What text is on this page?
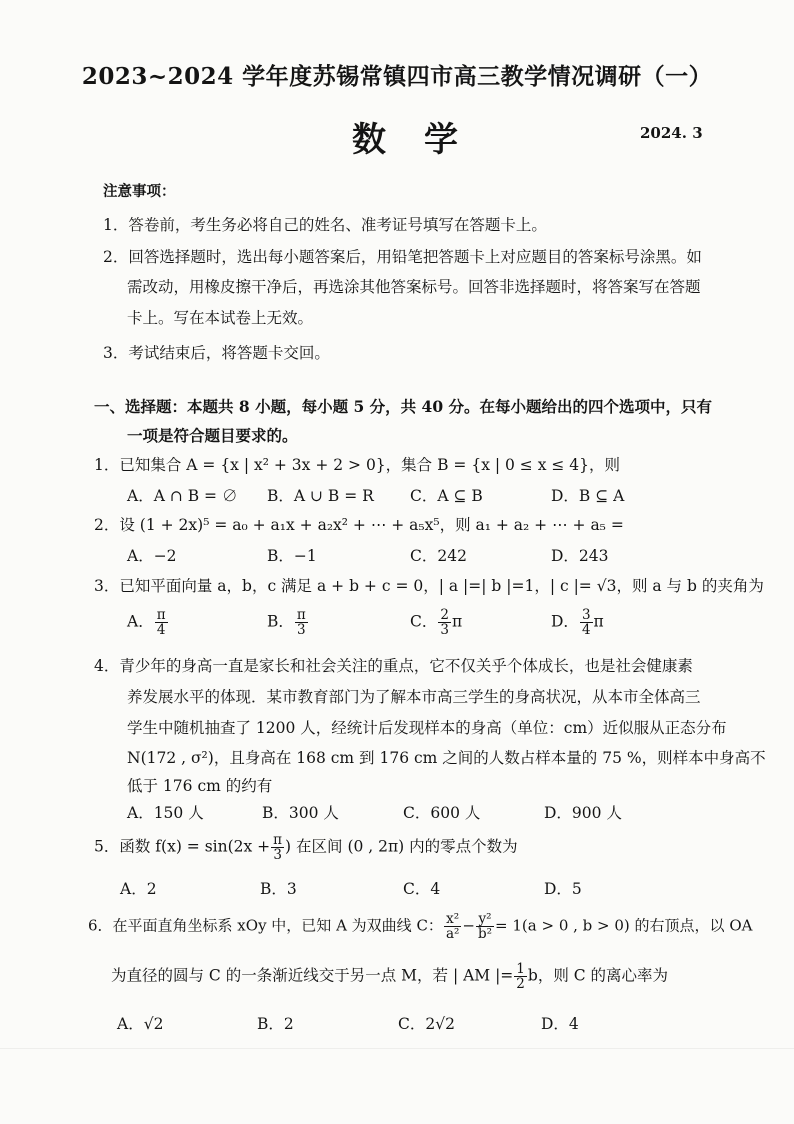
2023~2024 学年度苏锡常镇四市高三教学情况调研（一）
数学	2024. 3
注意事项：
1．答卷前，考生务必将自己的姓名、准考证号填写在答题卡上。
2．回答选择题时，选出每小题答案后，用铅笔把答题卡上对应题目的答案标号涂黑。如
需改动，用橡皮擦干净后，再选涂其他答案标号。回答非选择题时，将答案写在答题
卡上。写在本试卷上无效。
3．考试结束后，将答题卡交回。
一、选择题：本题共 8 小题，每小题 5 分，共 40 分。在每小题给出的四个选项中，只有
一项是符合题目要求的。
1．已知集合 A = {x | x² + 3x + 2 > 0}，集合 B = {x | 0 ≤ x ≤ 4}，则
A．A ∩ B = ∅ B．A ∪ B = R C．A ⊆ B	D．B ⊆ A
2．设 (1 + 2x)⁵ = a₀ + a₁x + a₂x² + ⋯ + a₅x⁵，则 a₁ + a₂ + ⋯ + a₅ =
A．−2	B．−1	C．242	D．243
3．已知平面向量 a，b，c 满足 a + b + c = 0，| a |=| b |=1，| c |= √3，则 a 与 b 的夹角为
A． $\frac{\pi}{4}$	B． $\frac{\pi}{3}$	C． $\frac{2}{3}$ π	D． $\frac{3}{4}$ π
4．青少年的身高一直是家长和社会关注的重点，它不仅关乎个体成长，也是社会健康素
养发展水平的体现．某市教育部门为了解本市高三学生的身高状况，从本市全体高三
学生中随机抽查了 1200 人，经统计后发现样本的身高（单位：cm）近似服从正态分布
N(172 , σ²)，且身高在 168 cm 到 176 cm 之间的人数占样本量的 75 %，则样本中身高不
低于 176 cm 的约有
A．150 人	B．300 人	C．600 人	D．900 人
5．函数 $f(x) = \sin(2x + \frac{\pi}{3}$ ) 在区间 (0 , 2π) 内的零点个数为
A．2	B．3	C．4	D．5
6．在平面直角坐标系 xOy 中，已知 A 为双曲线 C： $\frac{\text{x²}}{\text{a²}} - \frac{\text{y²}}{\text{b²}} = 1(a > 0$ , b > 0) 的右顶点，以 OA
为直径的圆与 C 的一条渐近线交于另一点 M，若 | AM |= $\frac{1}{2}$ b，则 C 的离心率为
A．√2	B．2	C．2√2	D．4
